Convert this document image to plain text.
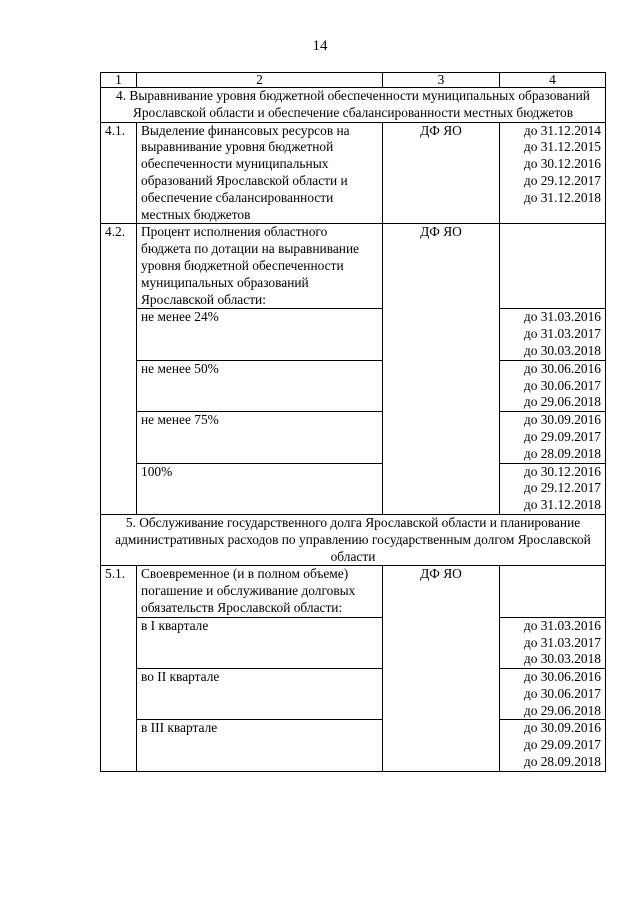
14
1	2	3	4
4. Выравнивание уровня бюджетной обеспеченности муниципальных образований Ярославской области и обеспечение сбалансированности местных бюджетов			
4.1.	Выделение финансовых ресурсов на выравнивание уровня бюджетной обеспеченности муниципальных образований Ярославской области и обеспечение сбалансированности местных бюджетов	ДФ ЯО	до 31.12.2014
до 31.12.2015
до 30.12.2016
до 29.12.2017
до 31.12.2018

4.2.	Процент исполнения областного бюджета по дотации на выравнивание уровня бюджетной обеспеченности муниципальных образований Ярославской области:	ДФ ЯО	
	не менее 24%		до 31.03.2016
до 31.03.2017
до 30.03.2018

	не менее 50%		до 30.06.2016
до 30.06.2017
до 29.06.2018

	не менее 75%		до 30.09.2016
до 29.09.2017
до 28.09.2018

	100%		до 30.12.2016
до 29.12.2017
до 31.12.2018

5. Обслуживание государственного долга Ярославской области и планирование административных расходов по управлению государственным долгом Ярославской области			
5.1.	Своевременное (и в полном объеме) погашение и обслуживание долговых обязательств Ярославской области:	ДФ ЯО	
	в I квартале		до 31.03.2016
до 31.03.2017
до 30.03.2018

	во II квартале		до 30.06.2016
до 30.06.2017
до 29.06.2018

	в III квартале		до 30.09.2016
до 29.09.2017
до 28.09.2018
